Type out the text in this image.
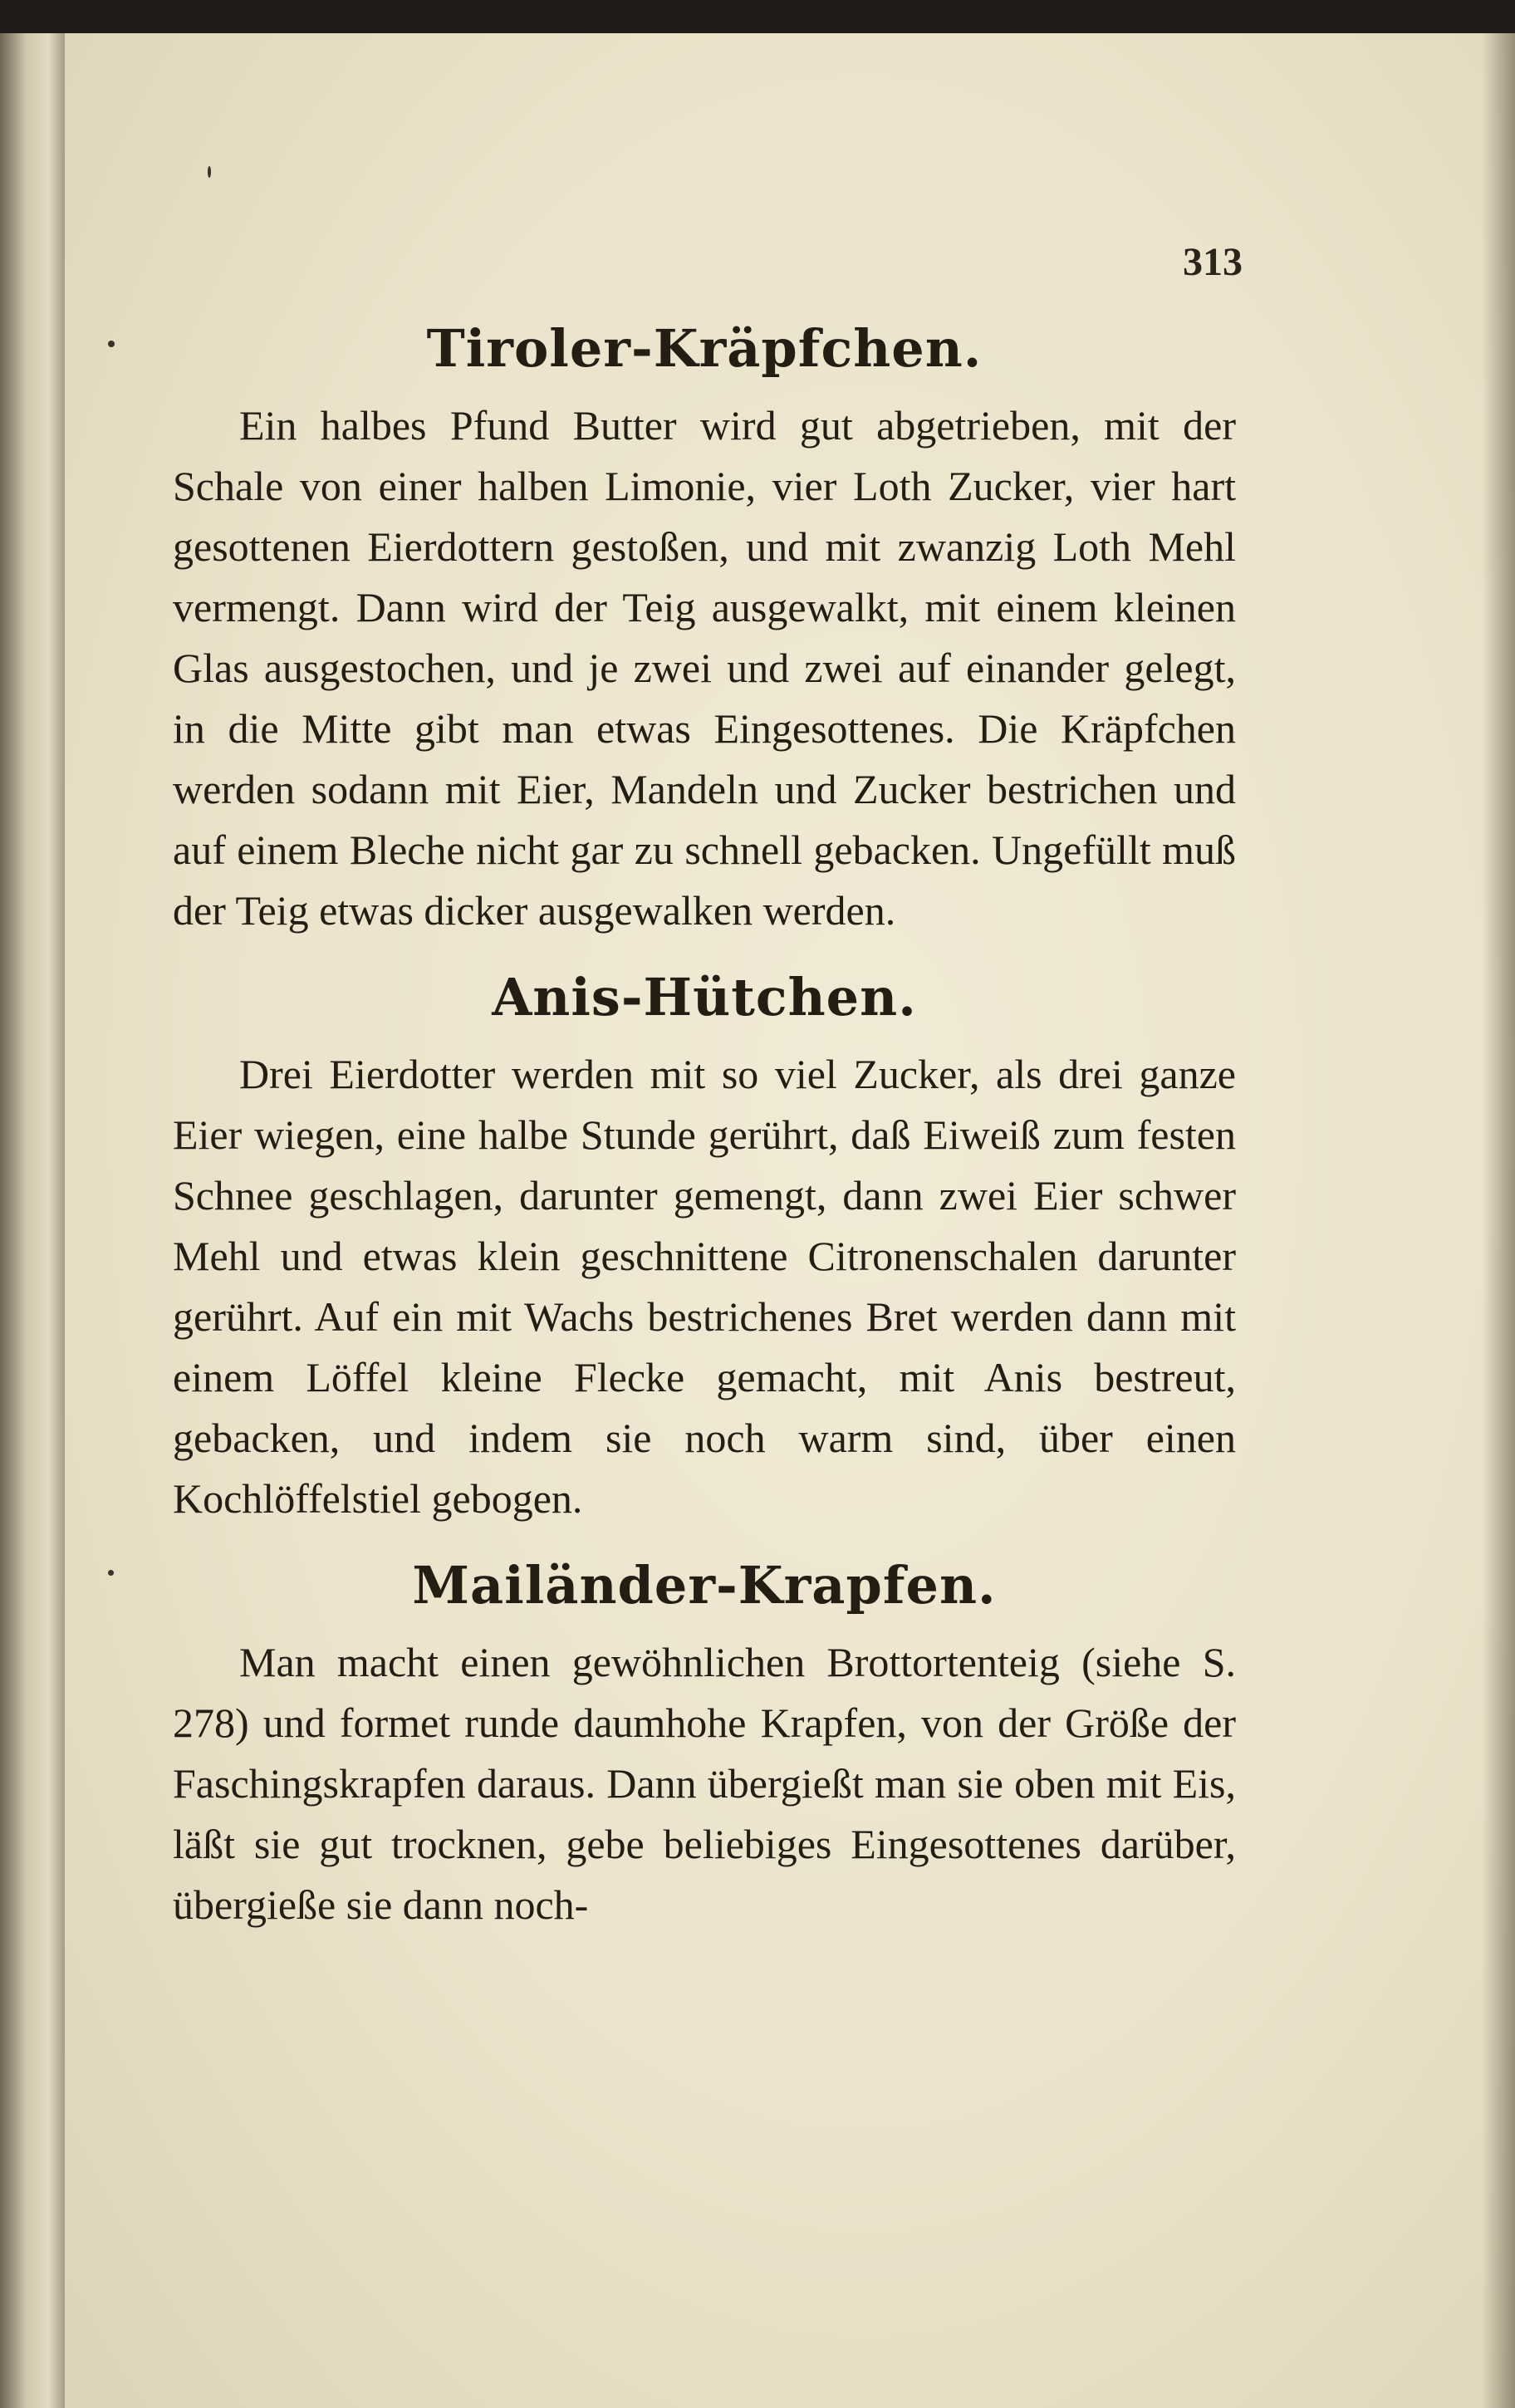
313
Tiroler-Kräpfchen.

Ein halbes Pfund Butter wird gut abgetrieben, mit der Schale von einer halben Limonie, vier Loth Zucker, vier hart gesottenen Eierdottern gestoßen, und mit zwanzig Loth Mehl vermengt. Dann wird der Teig ausgewalkt, mit einem kleinen Glas ausgestochen, und je zwei und zwei auf einander gelegt, in die Mitte gibt man etwas Eingesottenes. Die Kräpfchen werden sodann mit Eier, Mandeln und Zucker bestrichen und auf einem Bleche nicht gar zu schnell gebacken. Ungefüllt muß der Teig etwas dicker ausgewalken werden.

Anis-Hütchen.

Drei Eierdotter werden mit so viel Zucker, als drei ganze Eier wiegen, eine halbe Stunde gerührt, daß Eiweiß zum festen Schnee geschlagen, darunter gemengt, dann zwei Eier schwer Mehl und etwas klein geschnittene Citronenschalen darunter gerührt. Auf ein mit Wachs bestrichenes Bret werden dann mit einem Löffel kleine Flecke gemacht, mit Anis bestreut, gebacken, und indem sie noch warm sind, über einen Kochlöffelstiel gebogen.

Mailänder-Krapfen.

Man macht einen gewöhnlichen Brottortenteig (siehe S. 278) und formet runde daumhohe Krapfen, von der Größe der Faschingskrapfen daraus. Dann übergießt man sie oben mit Eis, läßt sie gut trocknen, gebe beliebiges Eingesottenes darüber, übergieße sie dann noch-
